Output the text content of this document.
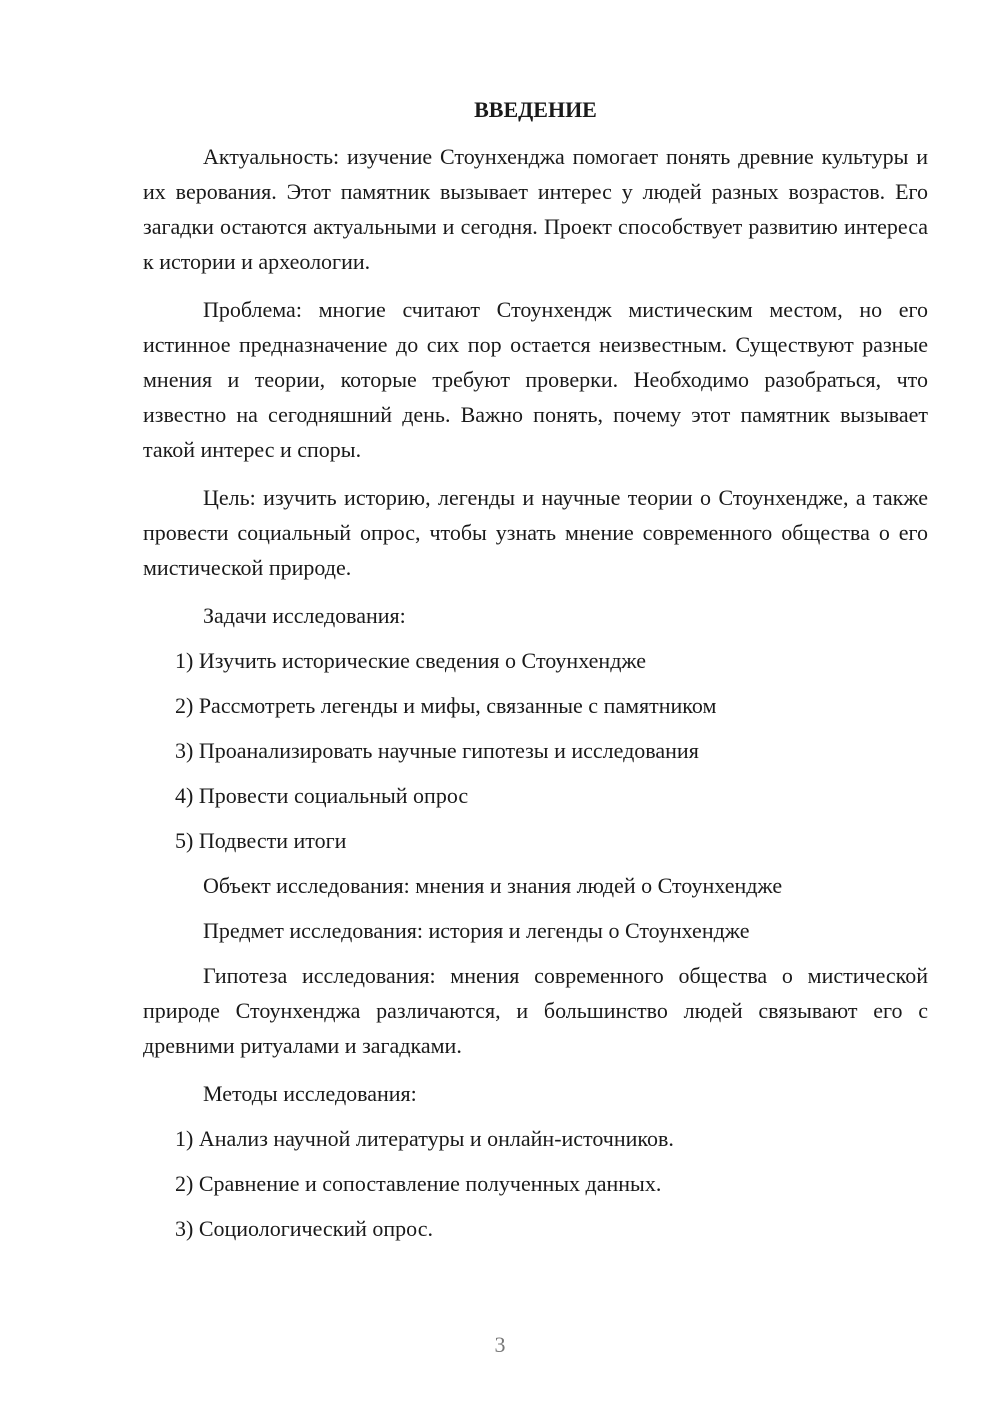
ВВЕДЕНИЕ

Актуальность: изучение Стоунхенджа помогает понять древние культуры и их верования. Этот памятник вызывает интерес у людей разных возрастов. Его загадки остаются актуальными и сегодня. Проект способствует развитию интереса к истории и археологии.

Проблема: многие считают Стоунхендж мистическим местом, но его истинное предназначение до сих пор остается неизвестным. Существуют разные мнения и теории, которые требуют проверки. Необходимо разобраться, что известно на сегодняшний день. Важно понять, почему этот памятник вызывает такой интерес и споры.

Цель: изучить историю, легенды и научные теории о Стоунхендже, а также провести социальный опрос, чтобы узнать мнение современного общества о его мистической природе.

Задачи исследования:
1) Изучить исторические сведения о Стоунхендже
2) Рассмотреть легенды и мифы, связанные с памятником
3) Проанализировать научные гипотезы и исследования
4) Провести социальный опрос
5) Подвести итоги
Объект исследования: мнения и знания людей о Стоунхендже
Предмет исследования: история и легенды о Стоунхендже

Гипотеза исследования: мнения современного общества о мистической природе Стоунхенджа различаются, и большинство людей связывают его с древними ритуалами и загадками.

Методы исследования:
1) Анализ научной литературы и онлайн-источников.
2) Сравнение и сопоставление полученных данных.
3) Социологический опрос.
3
